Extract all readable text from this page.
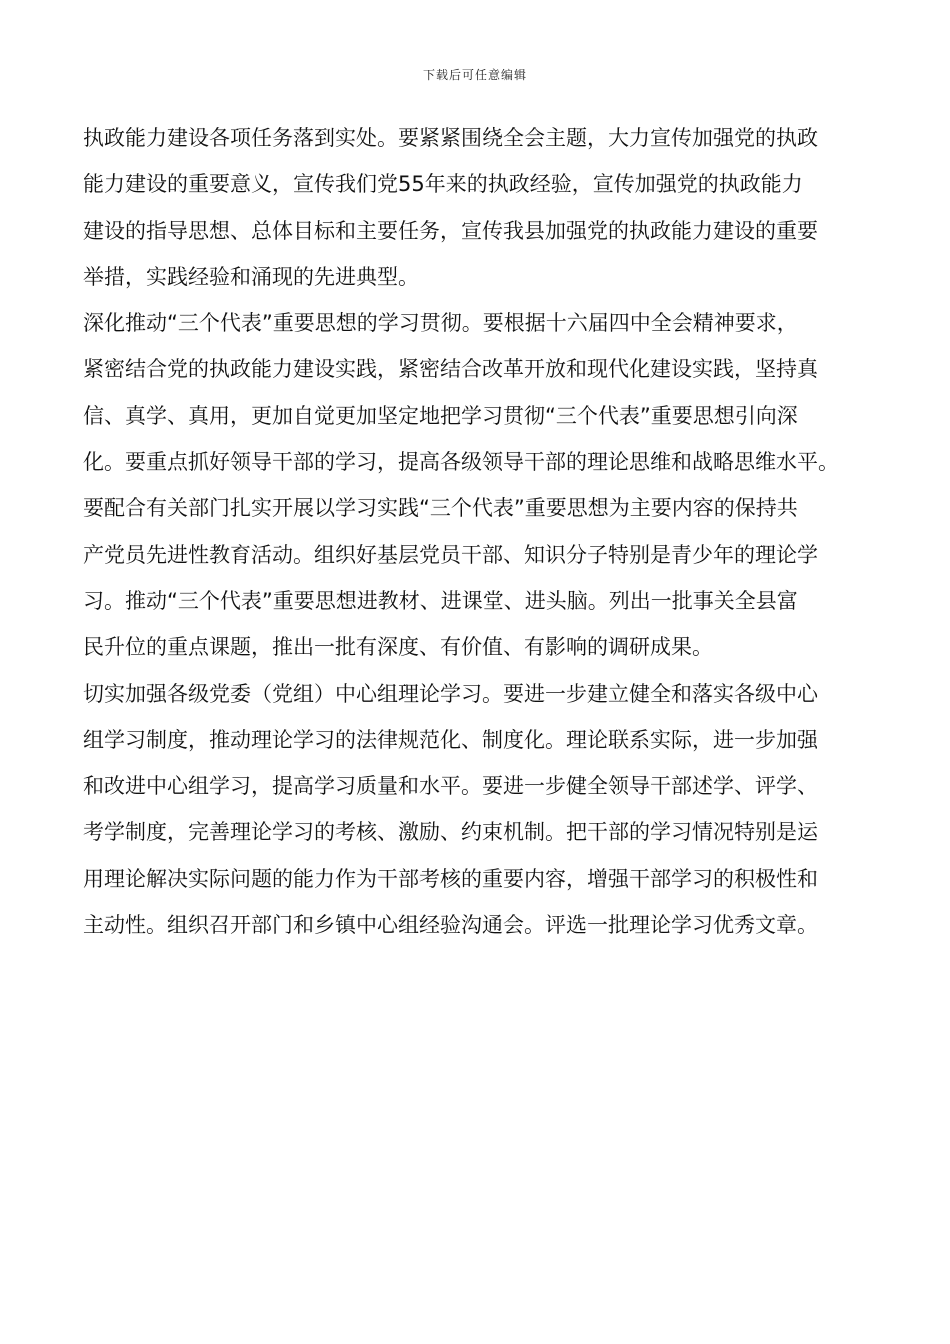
下载后可任意编辑
执政能力建设各项任务落到实处。要紧紧围绕全会主题，大力宣传加强党的执政
能力建设的重要意义，宣传我们党55年来的执政经验，宣传加强党的执政能力
建设的指导思想、总体目标和主要任务，宣传我县加强党的执政能力建设的重要
举措，实践经验和涌现的先进典型。
深化推动“三个代表”重要思想的学习贯彻。要根据十六届四中全会精神要求，
紧密结合党的执政能力建设实践，紧密结合改革开放和现代化建设实践，坚持真
信、真学、真用，更加自觉更加坚定地把学习贯彻“三个代表”重要思想引向深
化。要重点抓好领导干部的学习，提高各级领导干部的理论思维和战略思维水平。
要配合有关部门扎实开展以学习实践“三个代表”重要思想为主要内容的保持共
产党员先进性教育活动。组织好基层党员干部、知识分子特别是青少年的理论学
习。推动“三个代表”重要思想进教材、进课堂、进头脑。列出一批事关全县富
民升位的重点课题，推出一批有深度、有价值、有影响的调研成果。
切实加强各级党委（党组）中心组理论学习。要进一步建立健全和落实各级中心
组学习制度，推动理论学习的法律规范化、制度化。理论联系实际，进一步加强
和改进中心组学习，提高学习质量和水平。要进一步健全领导干部述学、评学、
考学制度，完善理论学习的考核、激励、约束机制。把干部的学习情况特别是运
用理论解决实际问题的能力作为干部考核的重要内容，增强干部学习的积极性和
主动性。组织召开部门和乡镇中心组经验沟通会。评选一批理论学习优秀文章。
